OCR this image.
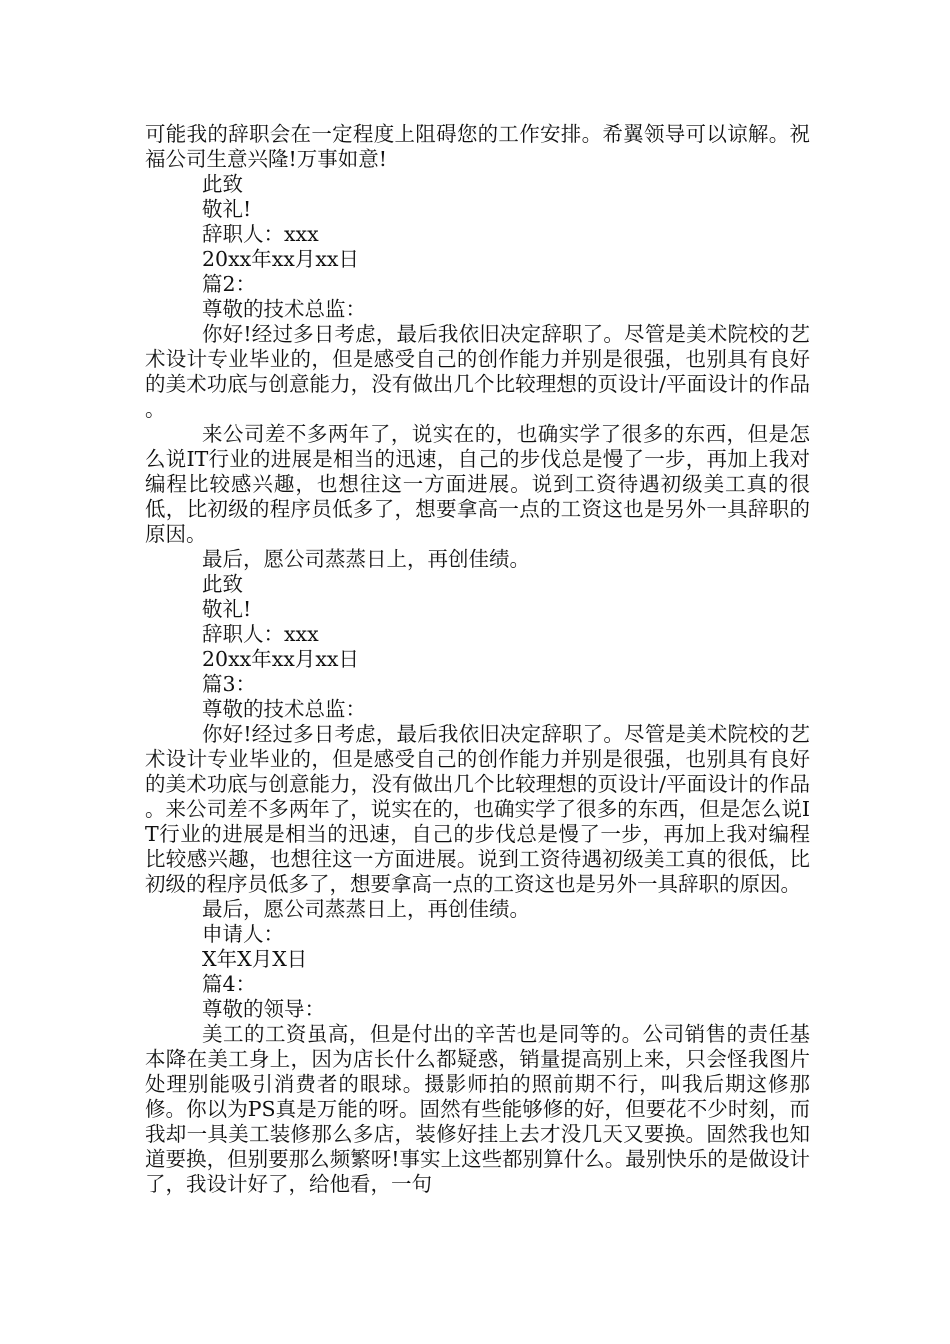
可能我的辞职会在一定程度上阻碍您的工作安排。希翼领导可以谅解。祝福公司生意兴隆!万事如意!

此致

敬礼!

辞职人：xxx

20xx年xx月xx日

篇2：

尊敬的技术总监：

你好!经过多日考虑，最后我依旧决定辞职了。尽管是美术院校的艺术设计专业毕业的，但是感受自己的创作能力并别是很强，也别具有良好的美术功底与创意能力，没有做出几个比较理想的页设计/平面设计的作品 。

来公司差不多两年了，说实在的，也确实学了很多的东西，但是怎么说IT行业的进展是相当的迅速，自己的步伐总是慢了一步，再加上我对编程比较感兴趣，也想往这一方面进展。说到工资待遇初级美工真的很低，比初级的程序员低多了，想要拿高一点的工资这也是另外一具辞职的原因。

最后，愿公司蒸蒸日上，再创佳绩。

此致

敬礼!

辞职人：xxx

20xx年xx月xx日

篇3：

尊敬的技术总监：

你好!经过多日考虑，最后我依旧决定辞职了。尽管是美术院校的艺术设计专业毕业的，但是感受自己的创作能力并别是很强，也别具有良好的美术功底与创意能力，没有做出几个比较理想的页设计/平面设计的作品 。来公司差不多两年了，说实在的，也确实学了很多的东西，但是怎么说IT行业的进展是相当的迅速，自己的步伐总是慢了一步，再加上我对编程比较感兴趣，也想往这一方面进展。说到工资待遇初级美工真的很低，比初级的程序员低多了，想要拿高一点的工资这也是另外一具辞职的原因。

最后，愿公司蒸蒸日上，再创佳绩。

申请人：

X年X月X日

篇4：

尊敬的领导：

美工的工资虽高，但是付出的辛苦也是同等的。公司销售的责任基本降在美工身上，因为店长什么都疑惑，销量提高别上来，只会怪我图片处理别能吸引消费者的眼球。摄影师拍的照前期不行，叫我后期这修那修。你以为PS真是万能的呀。固然有些能够修的好，但要花不少时刻，而我却一具美工装修那么多店，装修好挂上去才没几天又要换。固然我也知道要换，但别要那么频繁呀!事实上这些都别算什么。最别快乐的是做设计了，我设计好了，给他看，一句
